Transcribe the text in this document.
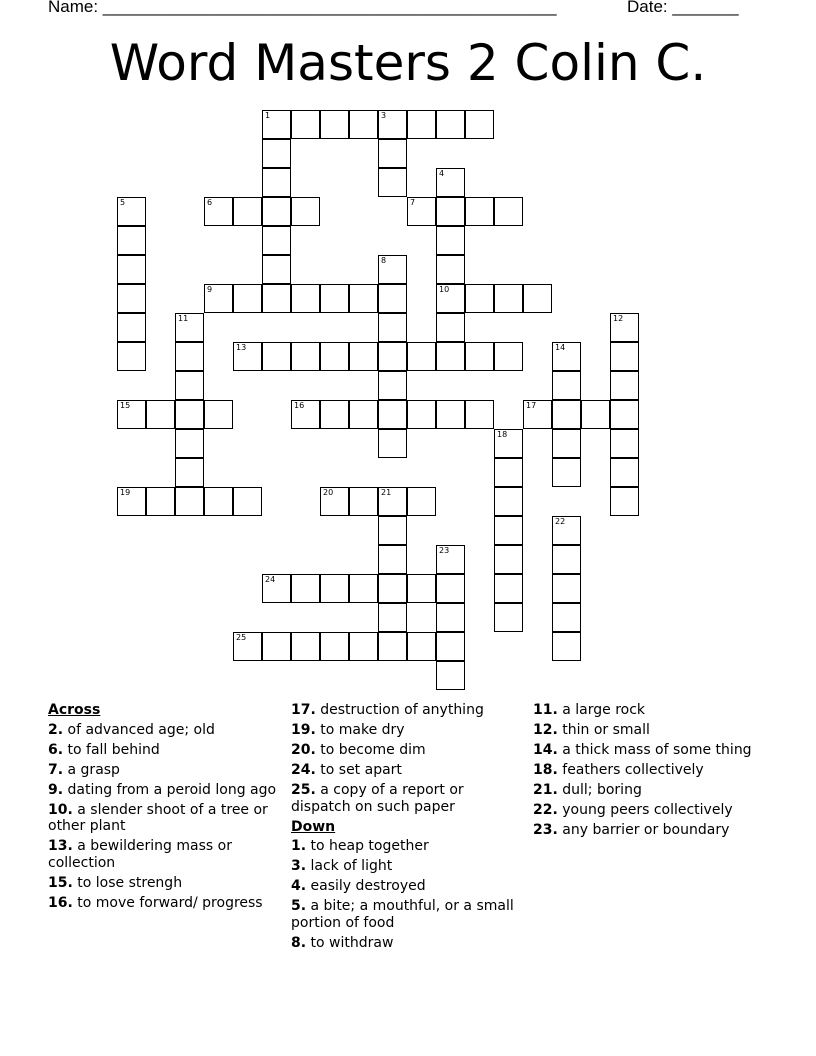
Name: ________________________________________________	Date: _______
Word Masters 2 Colin C.
1	3
6	7
9	10
13
15	16	17
19	20	21
24
25
4
5
8
11	12
14
18
22
23
Across
2. of advanced age; old
6. to fall behind
7. a grasp
9. dating from a peroid long ago
10. a slender shoot of a tree or other plant
13. a bewildering mass or collection
15. to lose strengh
16. to move forward/ progress
17. destruction of anything
19. to make dry
20. to become dim
24. to set apart
25. a copy of a report or dispatch on such paper
Down
1. to heap together
3. lack of light
4. easily destroyed
5. a bite; a mouthful, or a small portion of food
8. to withdraw
11. a large rock
12. thin or small
14. a thick mass of some thing
18. feathers collectively
21. dull; boring
22. young peers collectively
23. any barrier or boundary
